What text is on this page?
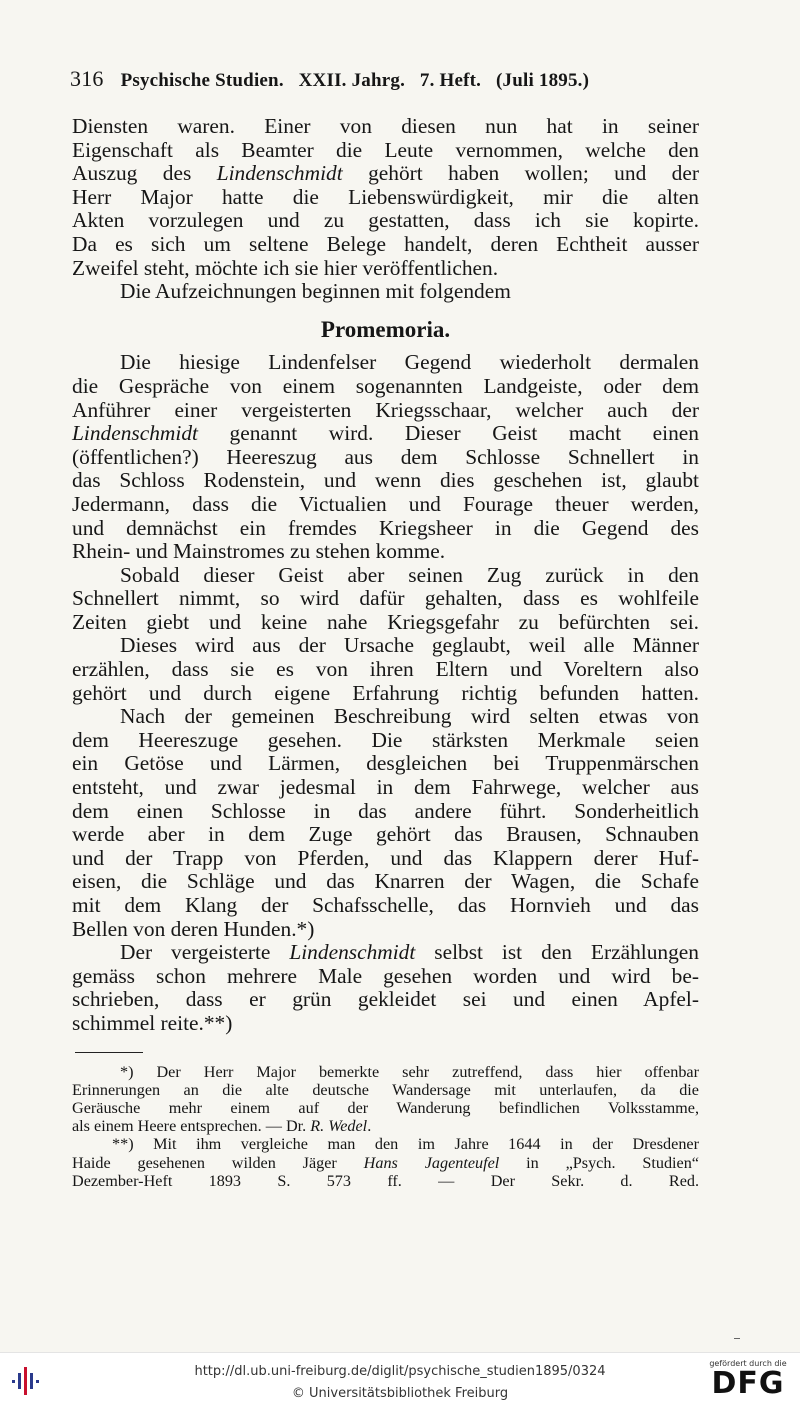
316 Psychische Studien. XXII. Jahrg. 7. Heft. (Juli 1895.)
Diensten waren. Einer von diesen nun hat in seiner
Eigenschaft als Beamter die Leute vernommen, welche den
Auszug des Lindenschmidt gehört haben wollen; und der
Herr Major hatte die Liebenswürdigkeit, mir die alten
Akten vorzulegen und zu gestatten, dass ich sie kopirte.
Da es sich um seltene Belege handelt, deren Echtheit ausser
Zweifel steht, möchte ich sie hier veröffentlichen.
Die Aufzeichnungen beginnen mit folgendem

Promemoria.

Die hiesige Lindenfelser Gegend wiederholt dermalen
die Gespräche von einem sogenannten Landgeiste, oder dem
Anführer einer vergeisterten Kriegsschaar, welcher auch der
Lindenschmidt genannt wird. Dieser Geist macht einen
(öffentlichen?) Heereszug aus dem Schlosse Schnellert in
das Schloss Rodenstein, und wenn dies geschehen ist, glaubt
Jedermann, dass die Victualien und Fourage theuer werden,
und demnächst ein fremdes Kriegsheer in die Gegend des
Rhein- und Mainstromes zu stehen komme.
Sobald dieser Geist aber seinen Zug zurück in den
Schnellert nimmt, so wird dafür gehalten, dass es wohlfeile
Zeiten giebt und keine nahe Kriegsgefahr zu befürchten sei.
Dieses wird aus der Ursache geglaubt, weil alle Männer
erzählen, dass sie es von ihren Eltern und Voreltern also
gehört und durch eigene Erfahrung richtig befunden hatten.
Nach der gemeinen Beschreibung wird selten etwas von
dem Heereszuge gesehen. Die stärksten Merkmale seien
ein Getöse und Lärmen, desgleichen bei Truppenmärschen
entsteht, und zwar jedesmal in dem Fahrwege, welcher aus
dem einen Schlosse in das andere führt. Sonderheitlich
werde aber in dem Zuge gehört das Brausen, Schnauben
und der Trapp von Pferden, und das Klappern derer Huf-
eisen, die Schläge und das Knarren der Wagen, die Schafe
mit dem Klang der Schafsschelle, das Hornvieh und das
Bellen von deren Hunden.*)
Der vergeisterte Lindenschmidt selbst ist den Erzählungen
gemäss schon mehrere Male gesehen worden und wird be-
schrieben, dass er grün gekleidet sei und einen Apfel-
schimmel reite.**)
*) Der Herr Major bemerkte sehr zutreffend, dass hier offenbar
Erinnerungen an die alte deutsche Wandersage mit unterlaufen, da die
Geräusche mehr einem auf der Wanderung befindlichen Volksstamme,
als einem Heere entsprechen. — Dr. R. Wedel.
**) Mit ihm vergleiche man den im Jahre 1644 in der Dresdener
Haide gesehenen wilden Jäger Hans Jagenteufel in „Psych. Studien“
Dezember-Heft 1893 S. 573 ff. — Der Sekr. d. Red.
http://dl.ub.uni-freiburg.de/diglit/psychische_studien1895/0324
© Universitätsbibliothek Freiburg
gefördert durch die
DFG
